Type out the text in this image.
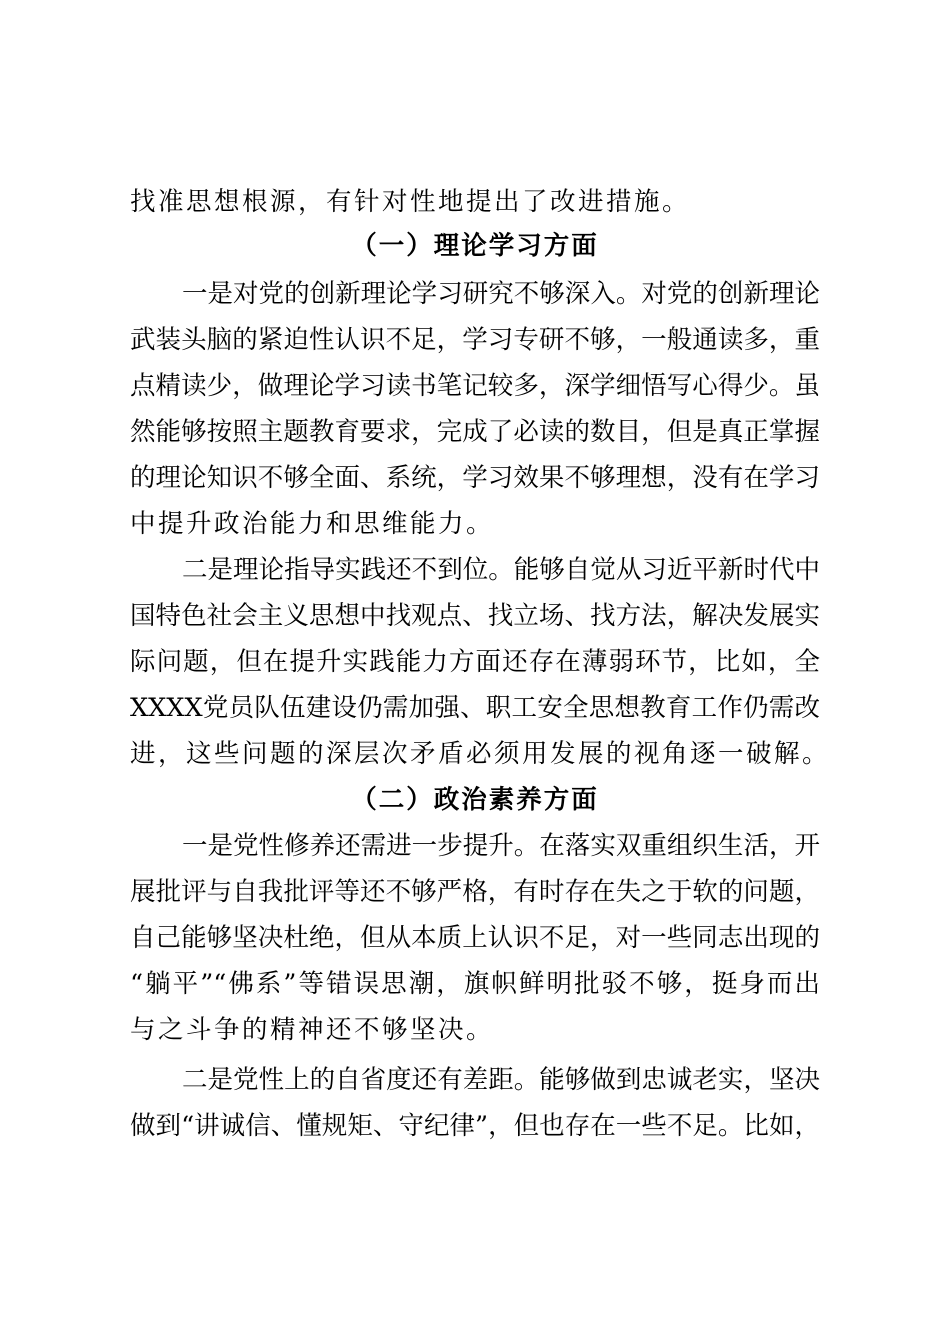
找准思想根源，有针对性地提出了改进措施。
（一）理论学习方面
一是对党的创新理论学习研究不够深入。对党的创新理论
武装头脑的紧迫性认识不足，学习专研不够，一般通读多，重
点精读少，做理论学习读书笔记较多，深学细悟写心得少。虽
然能够按照主题教育要求，完成了必读的数目，但是真正掌握
的理论知识不够全面、系统，学习效果不够理想，没有在学习
中提升政治能力和思维能力。
二是理论指导实践还不到位。能够自觉从习近平新时代中
国特色社会主义思想中找观点、找立场、找方法，解决发展实
际问题，但在提升实践能力方面还存在薄弱环节，比如，全
XXXX党员队伍建设仍需加强、职工安全思想教育工作仍需改
进，这些问题的深层次矛盾必须用发展的视角逐一破解。
（二）政治素养方面
一是党性修养还需进一步提升。在落实双重组织生活，开
展批评与自我批评等还不够严格，有时存在失之于软的问题，
自己能够坚决杜绝，但从本质上认识不足，对一些同志出现的
“躺平”“佛系”等错误思潮，旗帜鲜明批驳不够，挺身而出
与之斗争的精神还不够坚决。
二是党性上的自省度还有差距。能够做到忠诚老实，坚决
做到“讲诚信、懂规矩、守纪律”，但也存在一些不足。比如，
